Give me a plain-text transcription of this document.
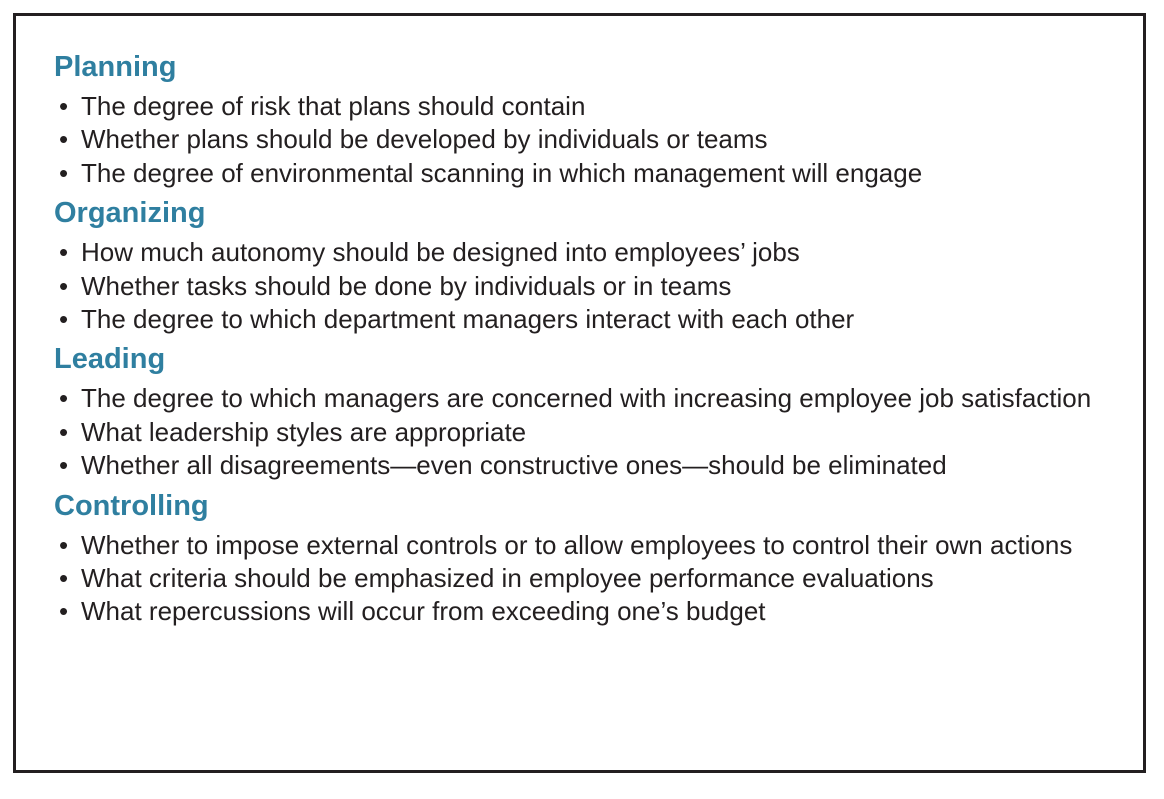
Planning
• The degree of risk that plans should contain
• Whether plans should be developed by individuals or teams
• The degree of environmental scanning in which management will engage
Organizing
• How much autonomy should be designed into employees’ jobs
• Whether tasks should be done by individuals or in teams
• The degree to which department managers interact with each other
Leading
• The degree to which managers are concerned with increasing employee job satisfaction
• What leadership styles are appropriate
• Whether all disagreements—even constructive ones—should be eliminated
Controlling
• Whether to impose external controls or to allow employees to control their own actions
• What criteria should be emphasized in employee performance evaluations
• What repercussions will occur from exceeding one’s budget
